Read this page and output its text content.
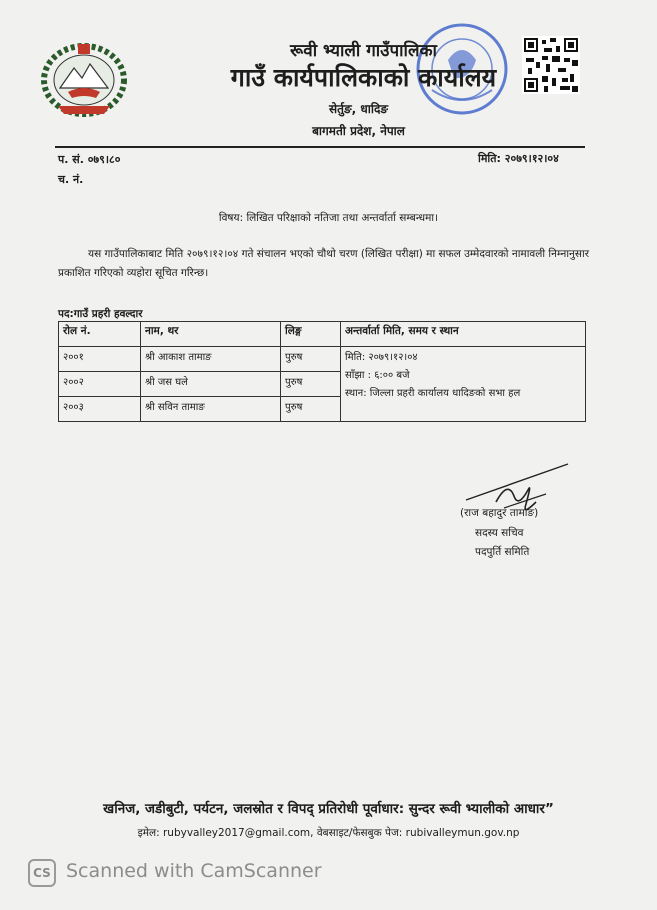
रूवी भ्याली गाउँपालिका
गाउँ कार्यपालिकाको कार्यालय
सेर्तुङ, धादिङ
बागमती प्रदेश, नेपाल
प. सं. ०७९।८०
च. नं.
मिति: २०७९।१२।०४
विषय: लिखित परिक्षाको नतिजा तथा अन्तर्वार्ता सम्बन्धमा।
यस गाउँपालिकाबाट मिति २०७९।१२।०४ गते संचालन भएको चौथो चरण (लिखित परीक्षा) मा सफल उम्मेदवारको नामावली निम्नानुसार प्रकाशित गरिएको व्यहोरा सूचित गरिन्छ।
पद:गाउँ प्रहरी हवल्दार
रोल नं.	नाम, थर	लिङ्ग	अन्तर्वार्ता मिति, समय र स्थान
२००१	श्री आकाश तामाङ	पुरुष	मिति: २०७९।१२।०४
साँझा : ६:०० बजे
स्थान: जिल्ला प्रहरी कार्यालय धादिङको सभा हल

२००२	श्री जस घले	पुरुष	
२००३	श्री सविन तामाङ	पुरुष	
(राज बहादुर तामाङ)
सदस्य सचिव
पदपुर्ति समिति
खनिज, जडीबुटी, पर्यटन, जलस्रोत र विपद् प्रतिरोधी पूर्वाधार: सुन्दर रूवी भ्यालीको आधार”
इमेल: rubyvalley2017@gmail.com, वेबसाइट/फेसबुक पेज: rubivalleymun.gov.np
CS Scanned with CamScanner
